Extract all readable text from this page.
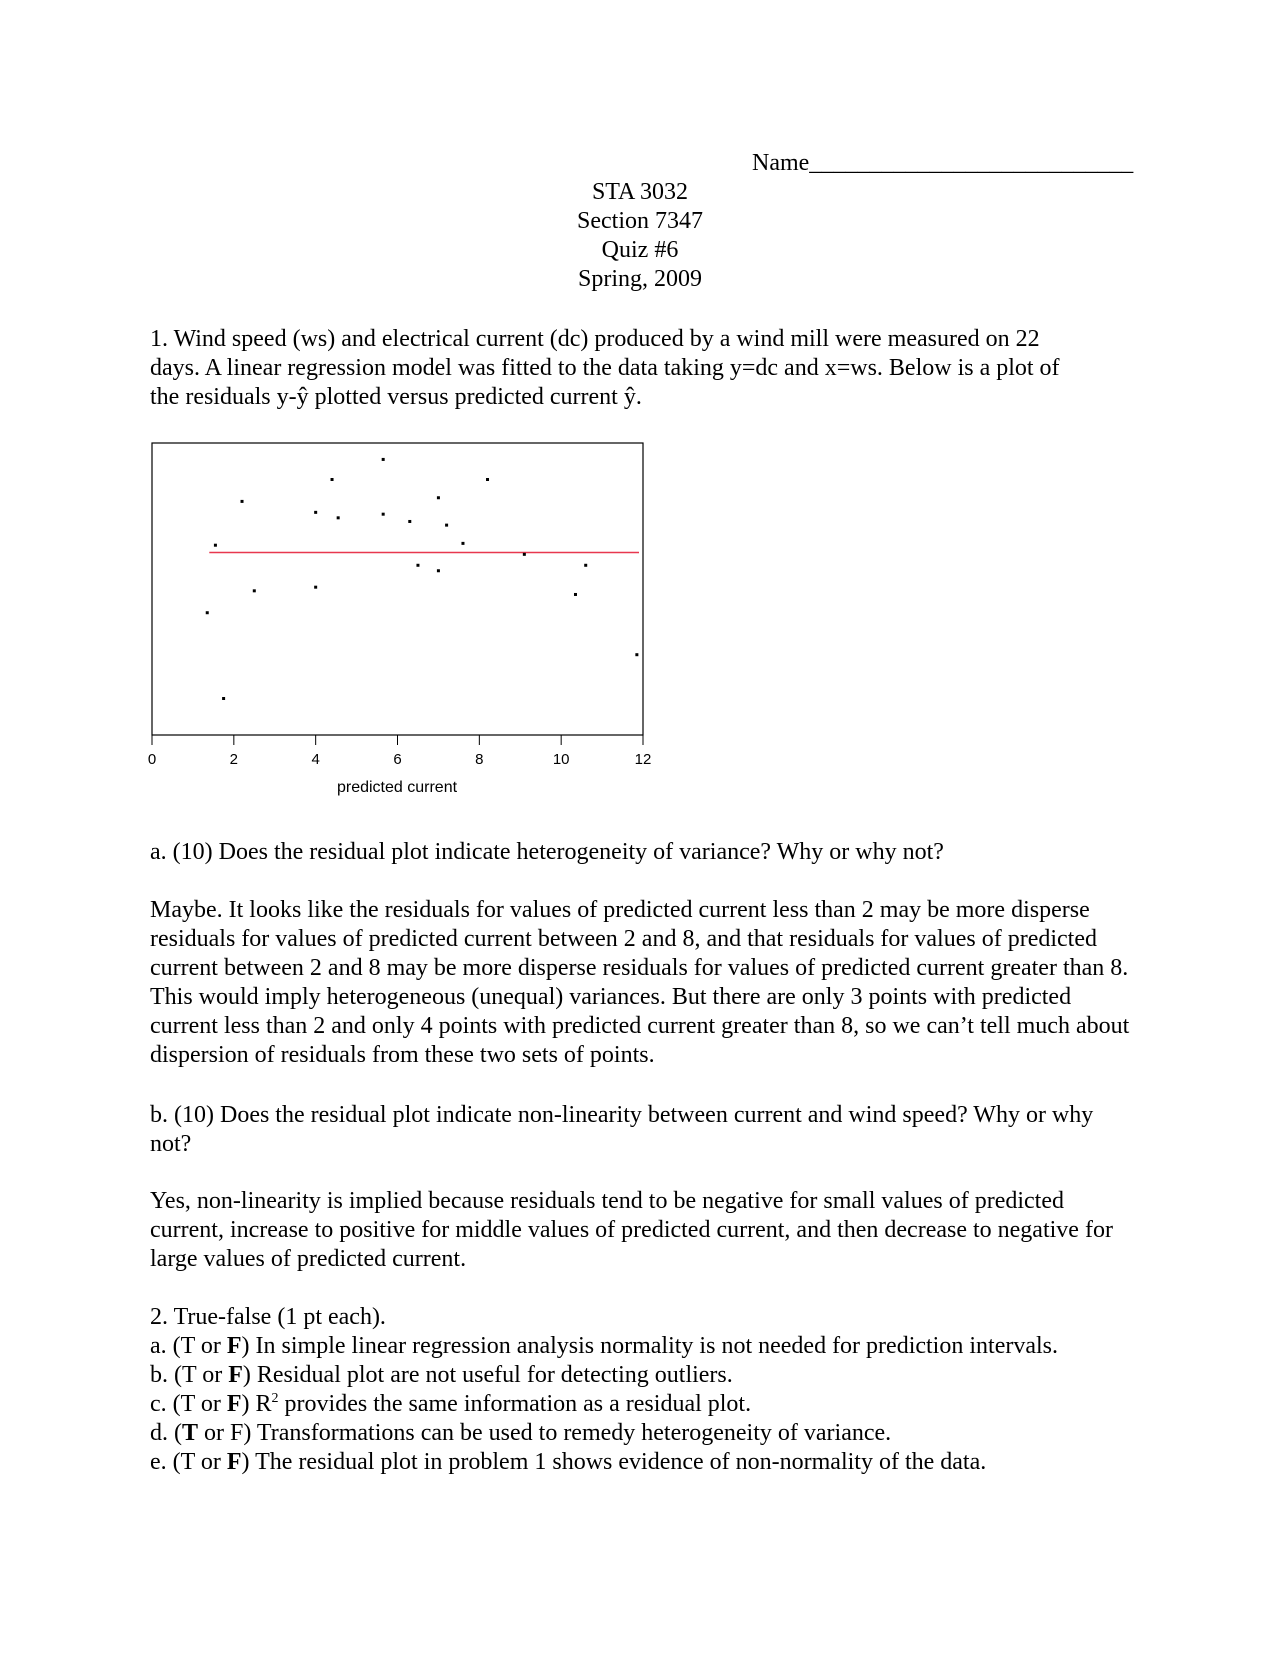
Name___________________________
STA 3032
Section 7347
Quiz #6
Spring, 2009

1. Wind speed (ws) and electrical current (dc) produced by a wind mill were measured on 22

days. A linear regression model was fitted to the data taking y=dc and x=ws. Below is a plot of

the residuals y-ŷ plotted versus predicted current ŷ.

0	2	4	6	8	10	12
predicted current
a. (10) Does the residual plot indicate heterogeneity of variance? Why or why not?
Maybe. It looks like the residuals for values of predicted current less than 2 may be more disperse residuals for values of predicted current between 2 and 8, and that residuals for values of predicted current between 2 and 8 may be more disperse residuals for values of predicted current greater than 8. This would imply heterogeneous (unequal) variances. But there are only 3 points with predicted current less than 2 and only 4 points with predicted current greater than 8, so we can’t tell much about dispersion of residuals from these two sets of points.
b. (10) Does the residual plot indicate non-linearity between current and wind speed? Why or why not?
Yes, non-linearity is implied because residuals tend to be negative for small values of predicted current, increase to positive for middle values of predicted current, and then decrease to negative for large values of predicted current.

2. True-false (1 pt each).

a. (T or F) In simple linear regression analysis normality is not needed for prediction intervals.

b. (T or F) Residual plot are not useful for detecting outliers.

c. (T or F) $R^2$ provides the same information as a residual plot.

d. (T or F) Transformations can be used to remedy heterogeneity of variance.

e. (T or F) The residual plot in problem 1 shows evidence of non-normality of the data.
